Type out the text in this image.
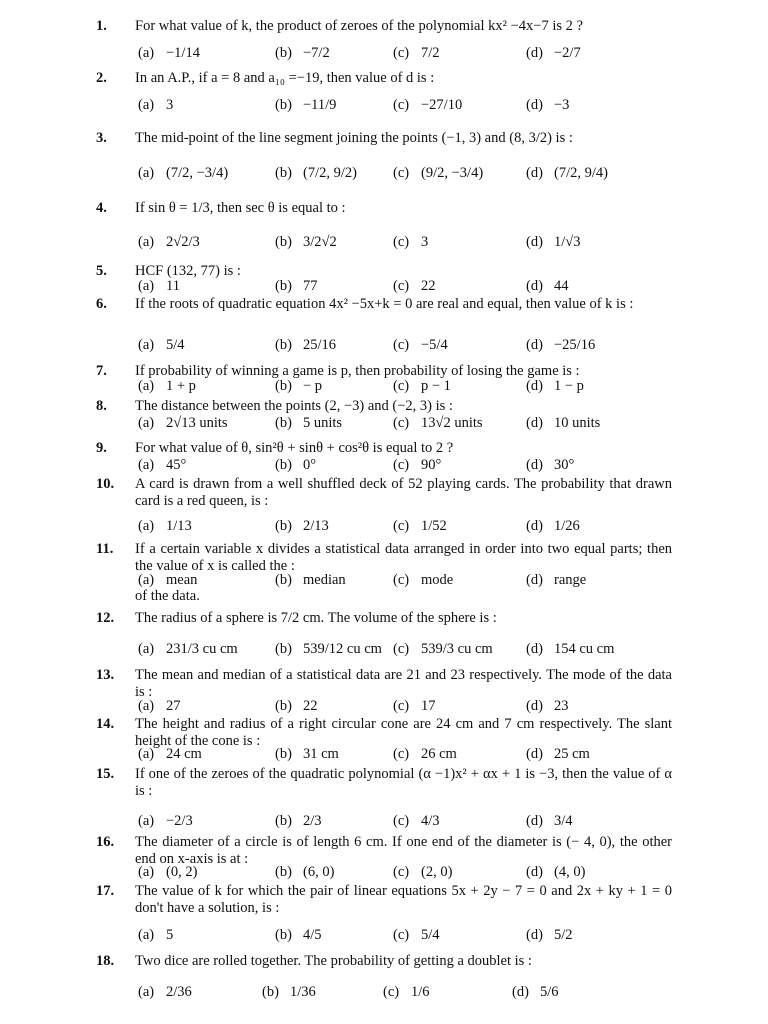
1.	For what value of k, the product of zeroes of the polynomial kx² −4x−7 is 2 ?
(a) −1/14	(b) −7/2	(c) 7/2	(d) −2/7
2.	In an A.P., if a = 8 and a₁₀ =−19, then value of d is :
(a) 3	(b) −11/9	(c) −27/10	(d) −3
3.	The mid-point of the line segment joining the points (−1, 3) and (8, 3/2) is :
(a) (7/2, −3/4)	(b) (7/2, 9/2) (c) (9/2, −3/4)	(d) (7/2, 9/4)
4.	If sin θ = 1/3, then sec θ is equal to :
(a) 2√2/3	(b) 3/2√2	(c) 3	(d) 1/√3
5.	HCF (132, 77) is :
(a) 11	(b) 77	(c) 22	(d) 44
6.	If the roots of quadratic equation 4x² −5x+k = 0 are real and equal, then value of k is :
(a) 5/4	(b) 25/16	(c) −5/4	(d) −25/16
7.	If probability of winning a game is p, then probability of losing the game is :
(a) 1 + p	(b) − p	(c) p − 1	(d) 1 − p
8.	The distance between the points (2, −3) and (−2, 3) is :
(a) 2√13 units	(b) 5 units	(c) 13√2 units	(d) 10 units
9.	For what value of θ, sin²θ + sinθ + cos²θ is equal to 2 ?
(a) 45°	(b) 0°	(c) 90°	(d) 30°
10.	A card is drawn from a well shuffled deck of 52 playing cards. The probability that drawn card is a red queen, is :
(a) 1/13	(b) 2/13	(c) 1/52	(d) 1/26
11.	If a certain variable x divides a statistical data arranged in order into two equal parts; then the value of x is called the :
(a) mean	(b) median	(c) mode	(d) range
of the data.
12.	The radius of a sphere is 7/2 cm. The volume of the sphere is :
(a) 231/3 cu cm	(b) 539/12 cu cm (c) 539/3 cu cm (d) 154 cu cm
13.	The mean and median of a statistical data are 21 and 23 respectively. The mode of the data is :
(a) 27	(b) 22	(c) 17	(d) 23
14.	The height and radius of a right circular cone are 24 cm and 7 cm respectively. The slant height of the cone is :
(a) 24 cm	(b) 31 cm	(c) 26 cm	(d) 25 cm
15.	If one of the zeroes of the quadratic polynomial (α −1)x² + αx + 1 is −3, then the value of α is :
(a) −2/3	(b) 2/3	(c) 4/3	(d) 3/4
16.	The diameter of a circle is of length 6 cm. If one end of the diameter is (− 4, 0), the other end on x-axis is at :
(a) (0, 2)	(b) (6, 0)	(c) (2, 0)	(d) (4, 0)
17.	The value of k for which the pair of linear equations 5x + 2y − 7 = 0 and 2x + ky + 1 = 0 don't have a solution, is :
(a) 5	(b) 4/5	(c) 5/4	(d) 5/2
18.	Two dice are rolled together. The probability of getting a doublet is :
(a) 2/36	(b) 1/36	(c) 1/6	(d) 5/6
